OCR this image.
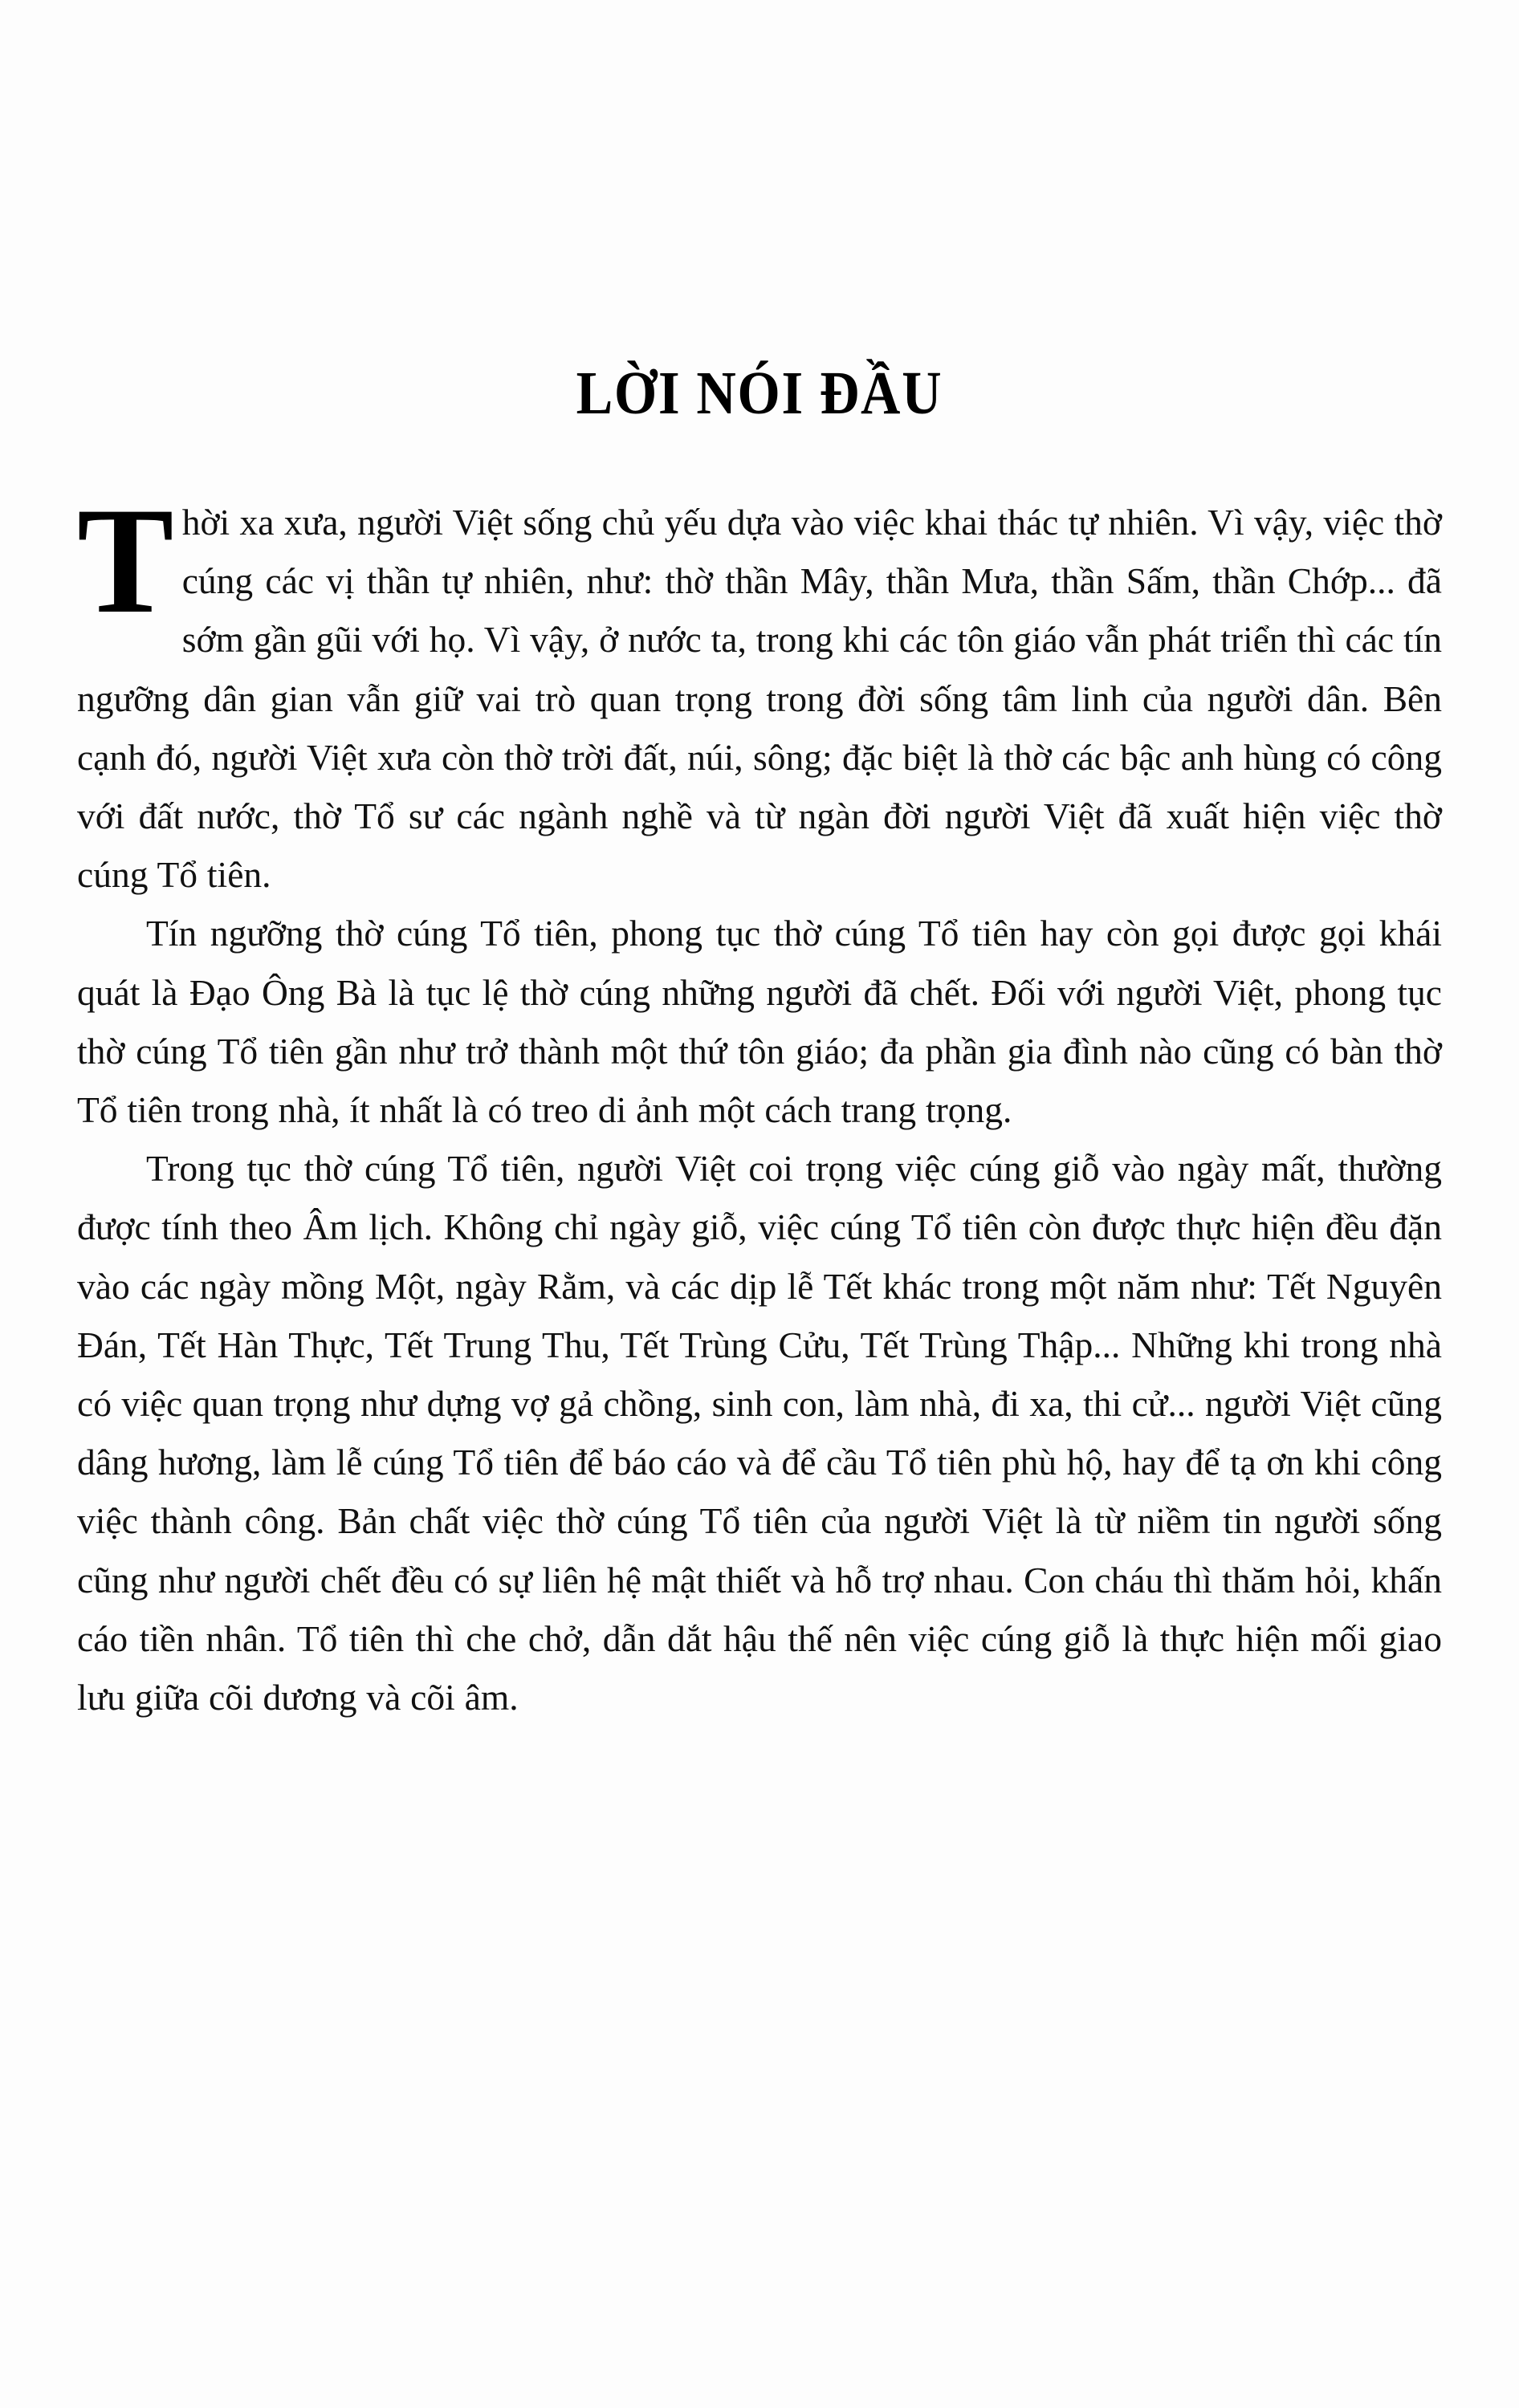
LỜI NÓI ĐẦU

Thời xa xưa, người Việt sống chủ yếu dựa vào việc khai thác tự nhiên. Vì vậy, việc thờ cúng các vị thần tự nhiên, như: thờ thần Mây, thần Mưa, thần Sấm, thần Chớp... đã sớm gần gũi với họ. Vì vậy, ở nước ta, trong khi các tôn giáo vẫn phát triển thì các tín ngưỡng dân gian vẫn giữ vai trò quan trọng trong đời sống tâm linh của người dân. Bên cạnh đó, người Việt xưa còn thờ trời đất, núi, sông; đặc biệt là thờ các bậc anh hùng có công với đất nước, thờ Tổ sư các ngành nghề và từ ngàn đời người Việt đã xuất hiện việc thờ cúng Tổ tiên.

Tín ngưỡng thờ cúng Tổ tiên, phong tục thờ cúng Tổ tiên hay còn gọi được gọi khái quát là Đạo Ông Bà là tục lệ thờ cúng những người đã chết. Đối với người Việt, phong tục thờ cúng Tổ tiên gần như trở thành một thứ tôn giáo; đa phần gia đình nào cũng có bàn thờ Tổ tiên trong nhà, ít nhất là có treo di ảnh một cách trang trọng.

Trong tục thờ cúng Tổ tiên, người Việt coi trọng việc cúng giỗ vào ngày mất, thường được tính theo Âm lịch. Không chỉ ngày giỗ, việc cúng Tổ tiên còn được thực hiện đều đặn vào các ngày mồng Một, ngày Rằm, và các dịp lễ Tết khác trong một năm như: Tết Nguyên Đán, Tết Hàn Thực, Tết Trung Thu, Tết Trùng Cửu, Tết Trùng Thập... Những khi trong nhà có việc quan trọng như dựng vợ gả chồng, sinh con, làm nhà, đi xa, thi cử... người Việt cũng dâng hương, làm lễ cúng Tổ tiên để báo cáo và để cầu Tổ tiên phù hộ, hay để tạ ơn khi công việc thành công. Bản chất việc thờ cúng Tổ tiên của người Việt là từ niềm tin người sống cũng như người chết đều có sự liên hệ mật thiết và hỗ trợ nhau. Con cháu thì thăm hỏi, khấn cáo tiền nhân. Tổ tiên thì che chở, dẫn dắt hậu thế nên việc cúng giỗ là thực hiện mối giao lưu giữa cõi dương và cõi âm.
